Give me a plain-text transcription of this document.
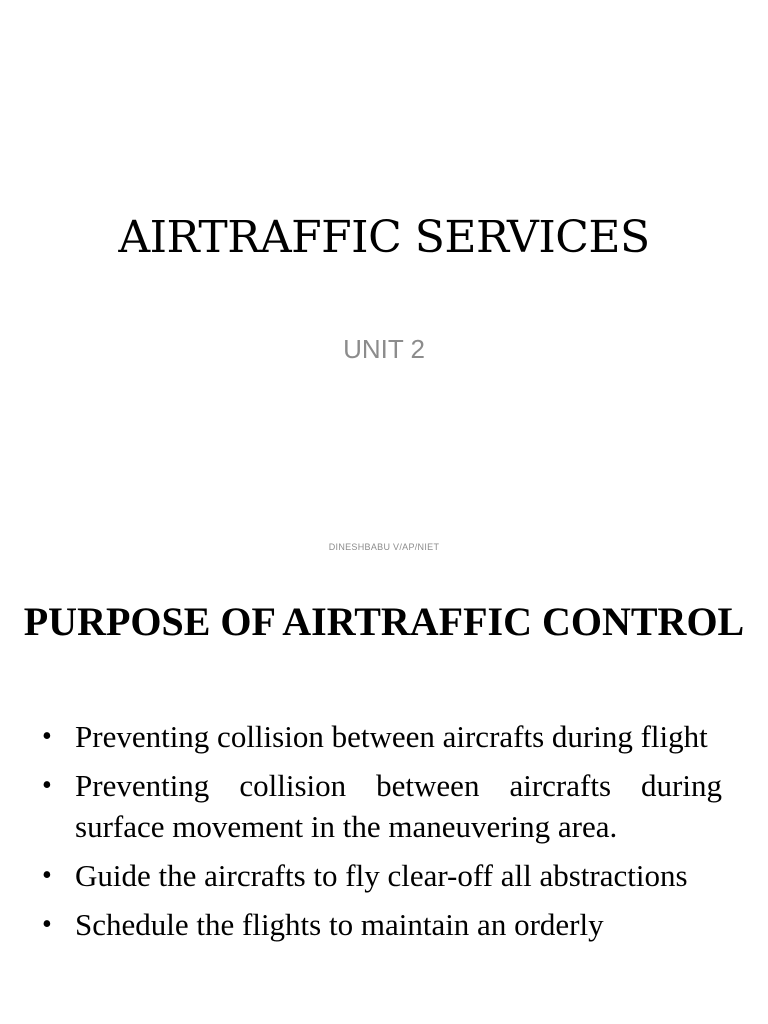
AIRTRAFFIC SERVICES

UNIT 2

DINESHBABU V/AP/NIET

PURPOSE OF AIRTRAFFIC CONTROL
• Preventing collision between aircrafts during flight
• Preventing collision between aircrafts during surface movement in the maneuvering area.
• Guide the aircrafts to fly clear-off all abstractions
• Schedule the flights to maintain an orderly
